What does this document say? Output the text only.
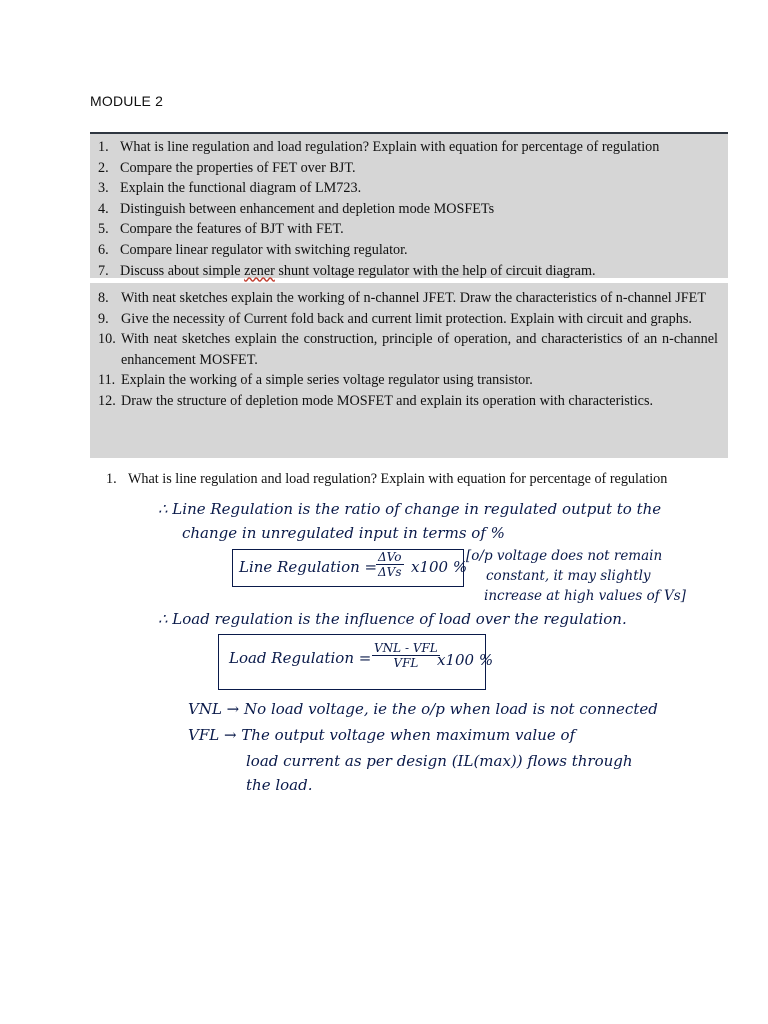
MODULE 2
1. What is line regulation and load regulation? Explain with equation for percentage of regulation
2. Compare the properties of FET over BJT.
3. Explain the functional diagram of LM723.
4. Distinguish between enhancement and depletion mode MOSFETs
5. Compare the features of BJT with FET.
6. Compare linear regulator with switching regulator.
7. Discuss about simple zener shunt voltage regulator with the help of circuit diagram.
8. With neat sketches explain the working of n-channel JFET. Draw the characteristics of n-channel JFET
9. Give the necessity of Current fold back and current limit protection. Explain with circuit and graphs.
10. With neat sketches explain the construction, principle of operation, and characteristics of an n-channel enhancement MOSFET.
11. Explain the working of a simple series voltage regulator using transistor.
12. Draw the structure of depletion mode MOSFET and explain its operation with characteristics.
1. What is line regulation and load regulation? Explain with equation for percentage of regulation
∴ Line Regulation is the ratio of change in regulated output to the
change in unregulated input in terms of %
Line Regulation =
$\frac{\text{ΔVo}}{\text{ΔVs}} x100$ %
[o/p voltage does not remain
constant, it may slightly
increase at high values of Vs]
∴ Load regulation is the influence of load over the regulation.
Load Regulation = $\frac{\text{VNL - VFL}}{\text{VFL}}$
x100 %
VNL → No load voltage, ie the o/p when load is not connected
VFL → The output voltage when maximum value of
load current as per design (IL(max)) flows through
the load.
